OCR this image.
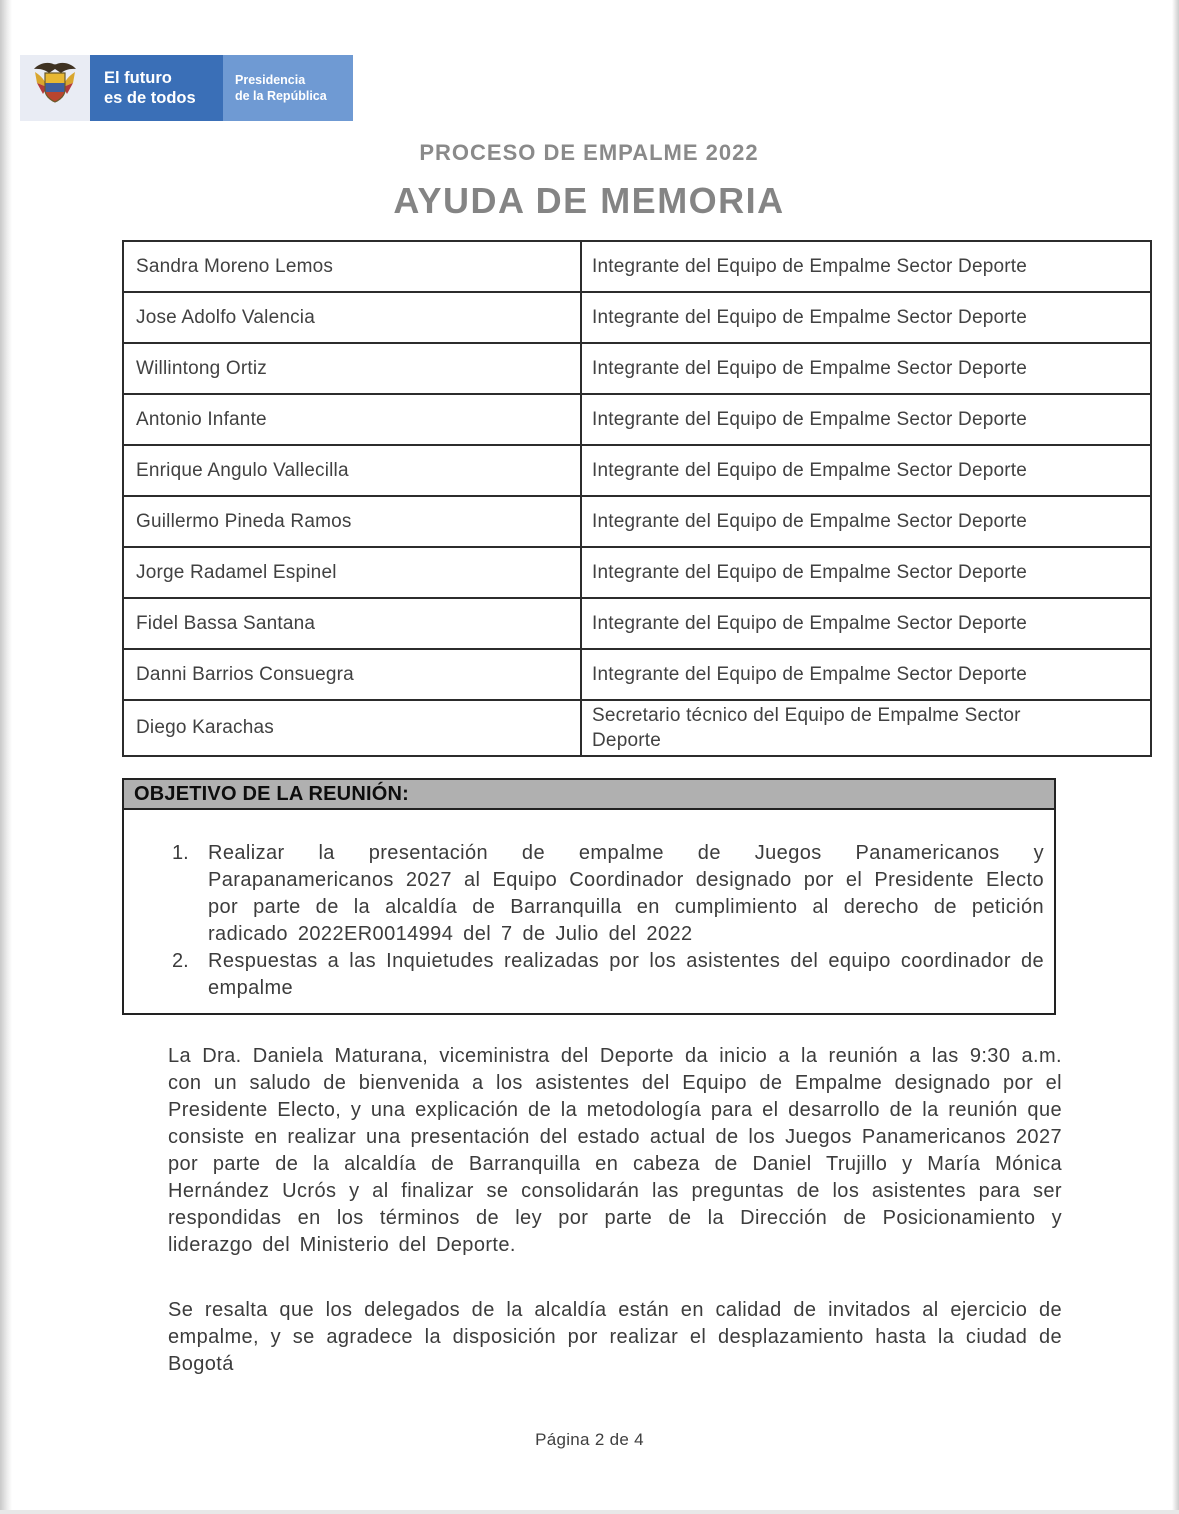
El futuro
es de todos
Presidencia
de la República
PROCESO DE EMPALME 2022
AYUDA DE MEMORIA
Sandra Moreno Lemos	Integrante del Equipo de Empalme Sector Deporte
Jose Adolfo Valencia	Integrante del Equipo de Empalme Sector Deporte
Willintong Ortiz	Integrante del Equipo de Empalme Sector Deporte
Antonio Infante	Integrante del Equipo de Empalme Sector Deporte
Enrique Angulo Vallecilla	Integrante del Equipo de Empalme Sector Deporte
Guillermo Pineda Ramos	Integrante del Equipo de Empalme Sector Deporte
Jorge Radamel Espinel	Integrante del Equipo de Empalme Sector Deporte
Fidel Bassa Santana	Integrante del Equipo de Empalme Sector Deporte
Danni Barrios Consuegra	Integrante del Equipo de Empalme Sector Deporte
Diego Karachas	Secretario técnico del Equipo de Empalme Sector Deporte
OBJETIVO DE LA REUNIÓN:
1. Realizar la presentación de empalme de Juegos Panamericanos y Parapanamericanos 2027 al Equipo Coordinador designado por el Presidente Electo por parte de la alcaldía de Barranquilla en cumplimiento al derecho de petición radicado 2022ER0014994 del 7 de Julio del 2022
2. Respuestas a las Inquietudes realizadas por los asistentes del equipo coordinador de empalme
La Dra. Daniela Maturana, viceministra del Deporte da inicio a la reunión a las 9:30 a.m. con un saludo de bienvenida a los asistentes del Equipo de Empalme designado por el Presidente Electo, y una explicación de la metodología para el desarrollo de la reunión que consiste en realizar una presentación del estado actual de los Juegos Panamericanos 2027 por parte de la alcaldía de Barranquilla en cabeza de Daniel Trujillo y María Mónica Hernández Ucrós y al finalizar se consolidarán las preguntas de los asistentes para ser respondidas en los términos de ley por parte de la Dirección de Posicionamiento y liderazgo del Ministerio del Deporte.
Se resalta que los delegados de la alcaldía están en calidad de invitados al ejercicio de empalme, y se agradece la disposición por realizar el desplazamiento hasta la ciudad de Bogotá
Página 2 de 4
